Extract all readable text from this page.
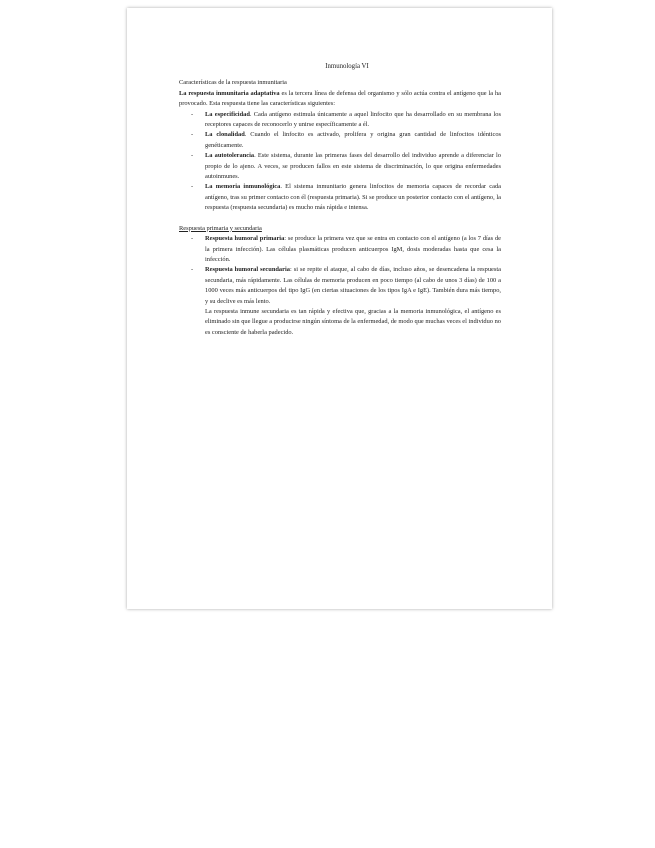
Inmunología VI

Características de la respuesta inmunitaria

La respuesta inmunitaria adaptativa es la tercera línea de defensa del organismo y sólo actúa contra el antígeno que la ha provocado. Esta respuesta tiene las características siguientes:

- La especificidad. Cada antígeno estimula únicamente a aquel linfocito que ha desarrollado en su membrana los receptores capaces de reconocerlo y unirse específicamente a él.
- La clonalidad. Cuando el linfocito es activado, prolifera y origina gran cantidad de linfocitos idénticos genéticamente.
- La autotolerancia. Este sistema, durante las primeras fases del desarrollo del individuo aprende a diferenciar lo propio de lo ajeno. A veces, se producen fallos en este sistema de discriminación, lo que origina enfermedades autoinmunes.
- La memoria inmunológica. El sistema inmunitario genera linfocitos de memoria capaces de recordar cada antígeno, tras su primer contacto con él (respuesta primaria). Si se produce un posterior contacto con el antígeno, la respuesta (respuesta secundaria) es mucho más rápida e intensa.

Respuesta primaria y secundaria

- Respuesta humoral primaria: se produce la primera vez que se entra en contacto con el antígeno (a los 7 días de la primera infección). Las células plasmáticas producen anticuerpos IgM, dosis moderadas hasta que cesa la infección.
- Respuesta humoral secundaria: si se repite el ataque, al cabo de días, incluso años, se desencadena la respuesta secundaria, más rápidamente. Las células de memoria producen en poco tiempo (al cabo de unos 3 días) de 100 a 1000 veces más anticuerpos del tipo IgG (en ciertas situaciones de los tipos IgA e IgE). También dura más tiempo, y su declive es más lento.

La respuesta inmune secundaria es tan rápida y efectiva que, gracias a la memoria inmunológica, el antígeno es eliminado sin que llegue a producirse ningún síntoma de la enfermedad, de modo que muchas veces el individuo no es consciente de haberla padecido.
